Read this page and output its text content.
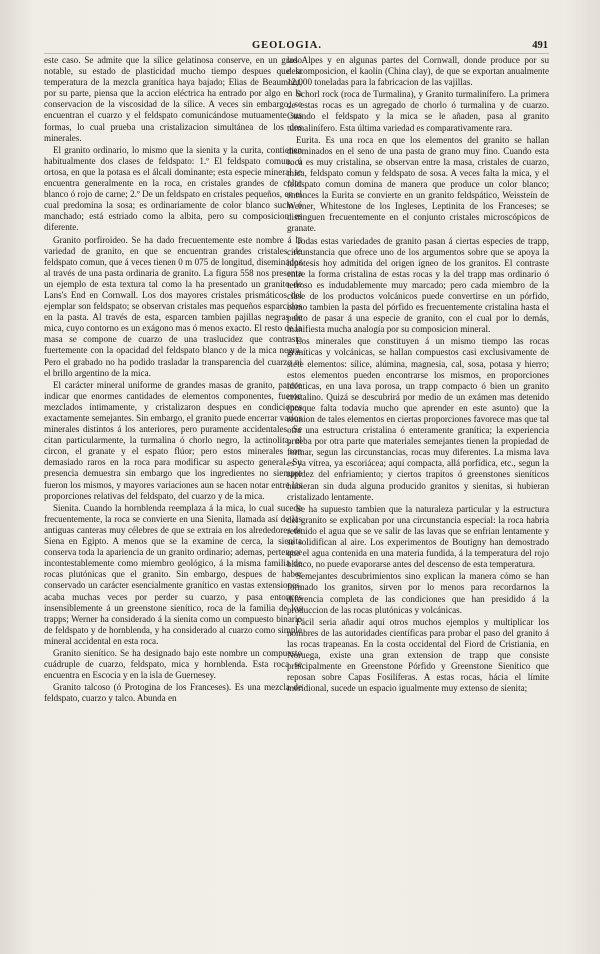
GEOLOGIA.	491

este caso. Se admite que la sílice gelatinosa conserve, en un grado notable, su estado de plasticidad mucho tiempo despues que la temperatura de la mezcla granítica haya bajado; Elias de Beaumont, por su parte, piensa que la accion eléctrica ha entrado por algo en la conservacion de la viscosidad de la sílice. A veces sin embargo, se encuentran el cuarzo y el feldspato comunicándose mutuamente sus formas, lo cual prueba una cristalizacion simultánea de los dos minerales.

El granito ordinario, lo mismo que la sienita y la curita, contienen habitualmente dos clases de feldspato: 1.º El feldspato comun, ú ortosa, en que la potasa es el álcali dominante; esta especie mineral se encuentra generalmente en la roca, en cristales grandes de color blanco ó rojo de carne; 2.º De un feldspato en cristales pequeños, en el cual predomina la sosa; es ordinariamente de color blanco sucio ó manchado; está estriado como la albita, pero su composicion es diferente.

Granito porfiroideo. Se ha dado frecuentemente este nombre á la variedad de granito, en que se encuentran grandes cristales de feldspato comun, que á veces tienen 0 m 075 de longitud, diseminados al través de una pasta ordinaria de granito. La figura 558 nos presenta un ejemplo de esta textura tal como la ha presentado un granito de Lans's End en Cornwall. Los dos mayores cristales prismáticos del ejemplar son feldspato; se observan cristales mas pequeños esparcidos en la pasta. Al través de esta, esparcen tambien pajillas negras de mica, cuyo contorno es un exágono mas ó menos exacto. El resto de la masa se compone de cuarzo de una traslucidez que contrasta fuertemente con la opacidad del feldspato blanco y de la mica negra. Pero el grabado no ha podido trasladar la transparencia del cuarzo ni el brillo argentino de la mica.

El carácter mineral uniforme de grandes masas de granito, parece indicar que enormes cantidades de elementos componentes, fueron mezclados íntimamente, y cristalizaron despues en condiciones exactamente semejantes. Sin embargo, el granito puede encerrar varios minerales distintos á los anteriores, pero puramente accidentales. Se citan particularmente, la turmalina ó chorlo negro, la actinolita, el circon, el granate y el espato flúor; pero estos minerales son demasiado raros en la roca para modificar su aspecto general. Su presencia demuestra sin embargo que los ingredientes no siempre fueron los mismos, y mayores variaciones aun se hacen notar entre las proporciones relativas del feldspato, del cuarzo y de la mica.

Sienita. Cuando la hornblenda reemplaza á la mica, lo cual sucede frecuentemente, la roca se convierte en una Sienita, llamada así de las antiguas canteras muy célebres de que se extraia en los alrededores de Siena en Egipto. A menos que se la examine de cerca, la sienita conserva toda la apariencia de un granito ordinario; ademas, pertenece incontestablemente como miembro geológico, á la misma familia de rocas plutónicas que el granito. Sin embargo, despues de haber conservado un carácter esencialmente granítico en vastas extensiones, acaba muchas veces por perder su cuarzo, y pasa entonces insensiblemente á un greenstone sienítico, roca de la familia de los trapps; Werner ha considerado á la sienita como un compuesto binario de feldspato y de hornblenda, y ha considerado al cuarzo como simple mineral accidental en esta roca.

Granito sienítico. Se ha designado bajo este nombre un compuesto cuádruple de cuarzo, feldspato, mica y hornblenda. Esta roca se encuentra en Escocia y en la isla de Guernesey.

Granito talcoso (ó Protogina de los Franceses). Es una mezcla de feldspato, cuarzo y talco. Abunda en

los Alpes y en algunas partes del Cornwall, donde produce por su descomposicion, el kaolin (China clay), de que se exportan anualmente 12,000 toneladas para la fabricacion de las vajillas.

Schorl rock (roca de Turmalina), y Granito turmalinífero. La primera de estas rocas es un agregado de chorlo ó turmalina y de cuarzo. Cuando el feldspato y la mica se le añaden, pasa al granito turmalinífero. Esta última variedad es comparativamente rara.

Eurita. Es una roca en que los elementos del granito se hallan diseminados en el seno de una pasta de grano muy fino. Cuando esta roca es muy cristalina, se observan entre la masa, cristales de cuarzo, mica, feldspato comun y feldspato de sosa. A veces falta la mica, y el feldspato comun domina de manera que produce un color blanco; entonces la Eurita se convierte en un granito feldspático, Weissteín de Werner, Whitestone de los Ingleses, Leptinita de los Franceses; se distinguen frecuentemente en el conjunto cristales microscópicos de granate.

Todas estas variedades de granito pasan á ciertas especies de trapp, circunstancia que ofrece uno de los argumentos sobre que se apoya la hipótesis hoy admitida del origen ígneo de los granitos. El contraste entre la forma cristalina de estas rocas y la del trapp mas ordinario ó terroso es indudablemente muy marcado; pero cada miembro de la clase de los productos volcánicos puede convertirse en un pórfido, como tambien la pasta del pórfido es frecuentemente cristalina hasta el punto de pasar á una especie de granito, con el cual por lo demás, manifiesta mucha analogía por su composicion mineral.

Los minerales que constituyen á un mismo tiempo las rocas graníticas y volcánicas, se hallan compuestos casi exclusivamente de siete elementos: sílice, alúmina, magnesia, cal, sosa, potasa y hierro; estos elementos pueden encontrarse los mismos, en proporciones idénticas, en una lava porosa, un trapp compacto ó bien un granito cristalino. Quizá se descubrirá por medio de un exámen mas detenido (porque falta todavía mucho que aprender en este asunto) que la reunion de tales elementos en ciertas proporciones favorece mas que tal otra una estructura cristalina ó enteramente granítica; la experiencia prueba por otra parte que materiales semejantes tienen la propiedad de formar, segun las circunstancias, rocas muy diferentes. La misma lava es ya vítrea, ya escoriácea; aquí compacta, allá porfídica, etc., segun la rapidez del enfriamiento; y ciertos trapitos ó greenstones sieníticos hubieran sin duda alguna producido granitos y sienitas, si hubieran cristalizado lentamente.

Se ha supuesto tambien que la naturaleza particular y la estructura del granito se explicaban por una circunstancia especial: la roca habria retenido el agua que se ve salir de las lavas que se enfrian lentamente y se solidifican al aire. Los experimentos de Boutigny han demostrado que el agua contenida en una materia fundida, á la temperatura del rojo blanco, no puede evaporarse antes del descenso de esta temperatura.

Semejantes descubrimientos sino explican la manera cómo se han formado los granitos, sirven por lo menos para recordarnos la diferencia completa de las condiciones que han presidido á la produccion de las rocas plutónicas y volcánicas.

Fácil seria añadir aquí otros muchos ejemplos y multiplicar los nombres de las autoridades científicas para probar el paso del granito á las rocas trapeanas. En la costa occidental del Fiord de Cristiania, en Noruega, existe una gran extension de trapp que consiste principalmente en Greenstone Pórfido y Greenstone Sienítico que reposan sobre Capas Fosilíferas. A estas rocas, hácia el límite meridional, sucede un espacio igualmente muy extenso de sienita;
